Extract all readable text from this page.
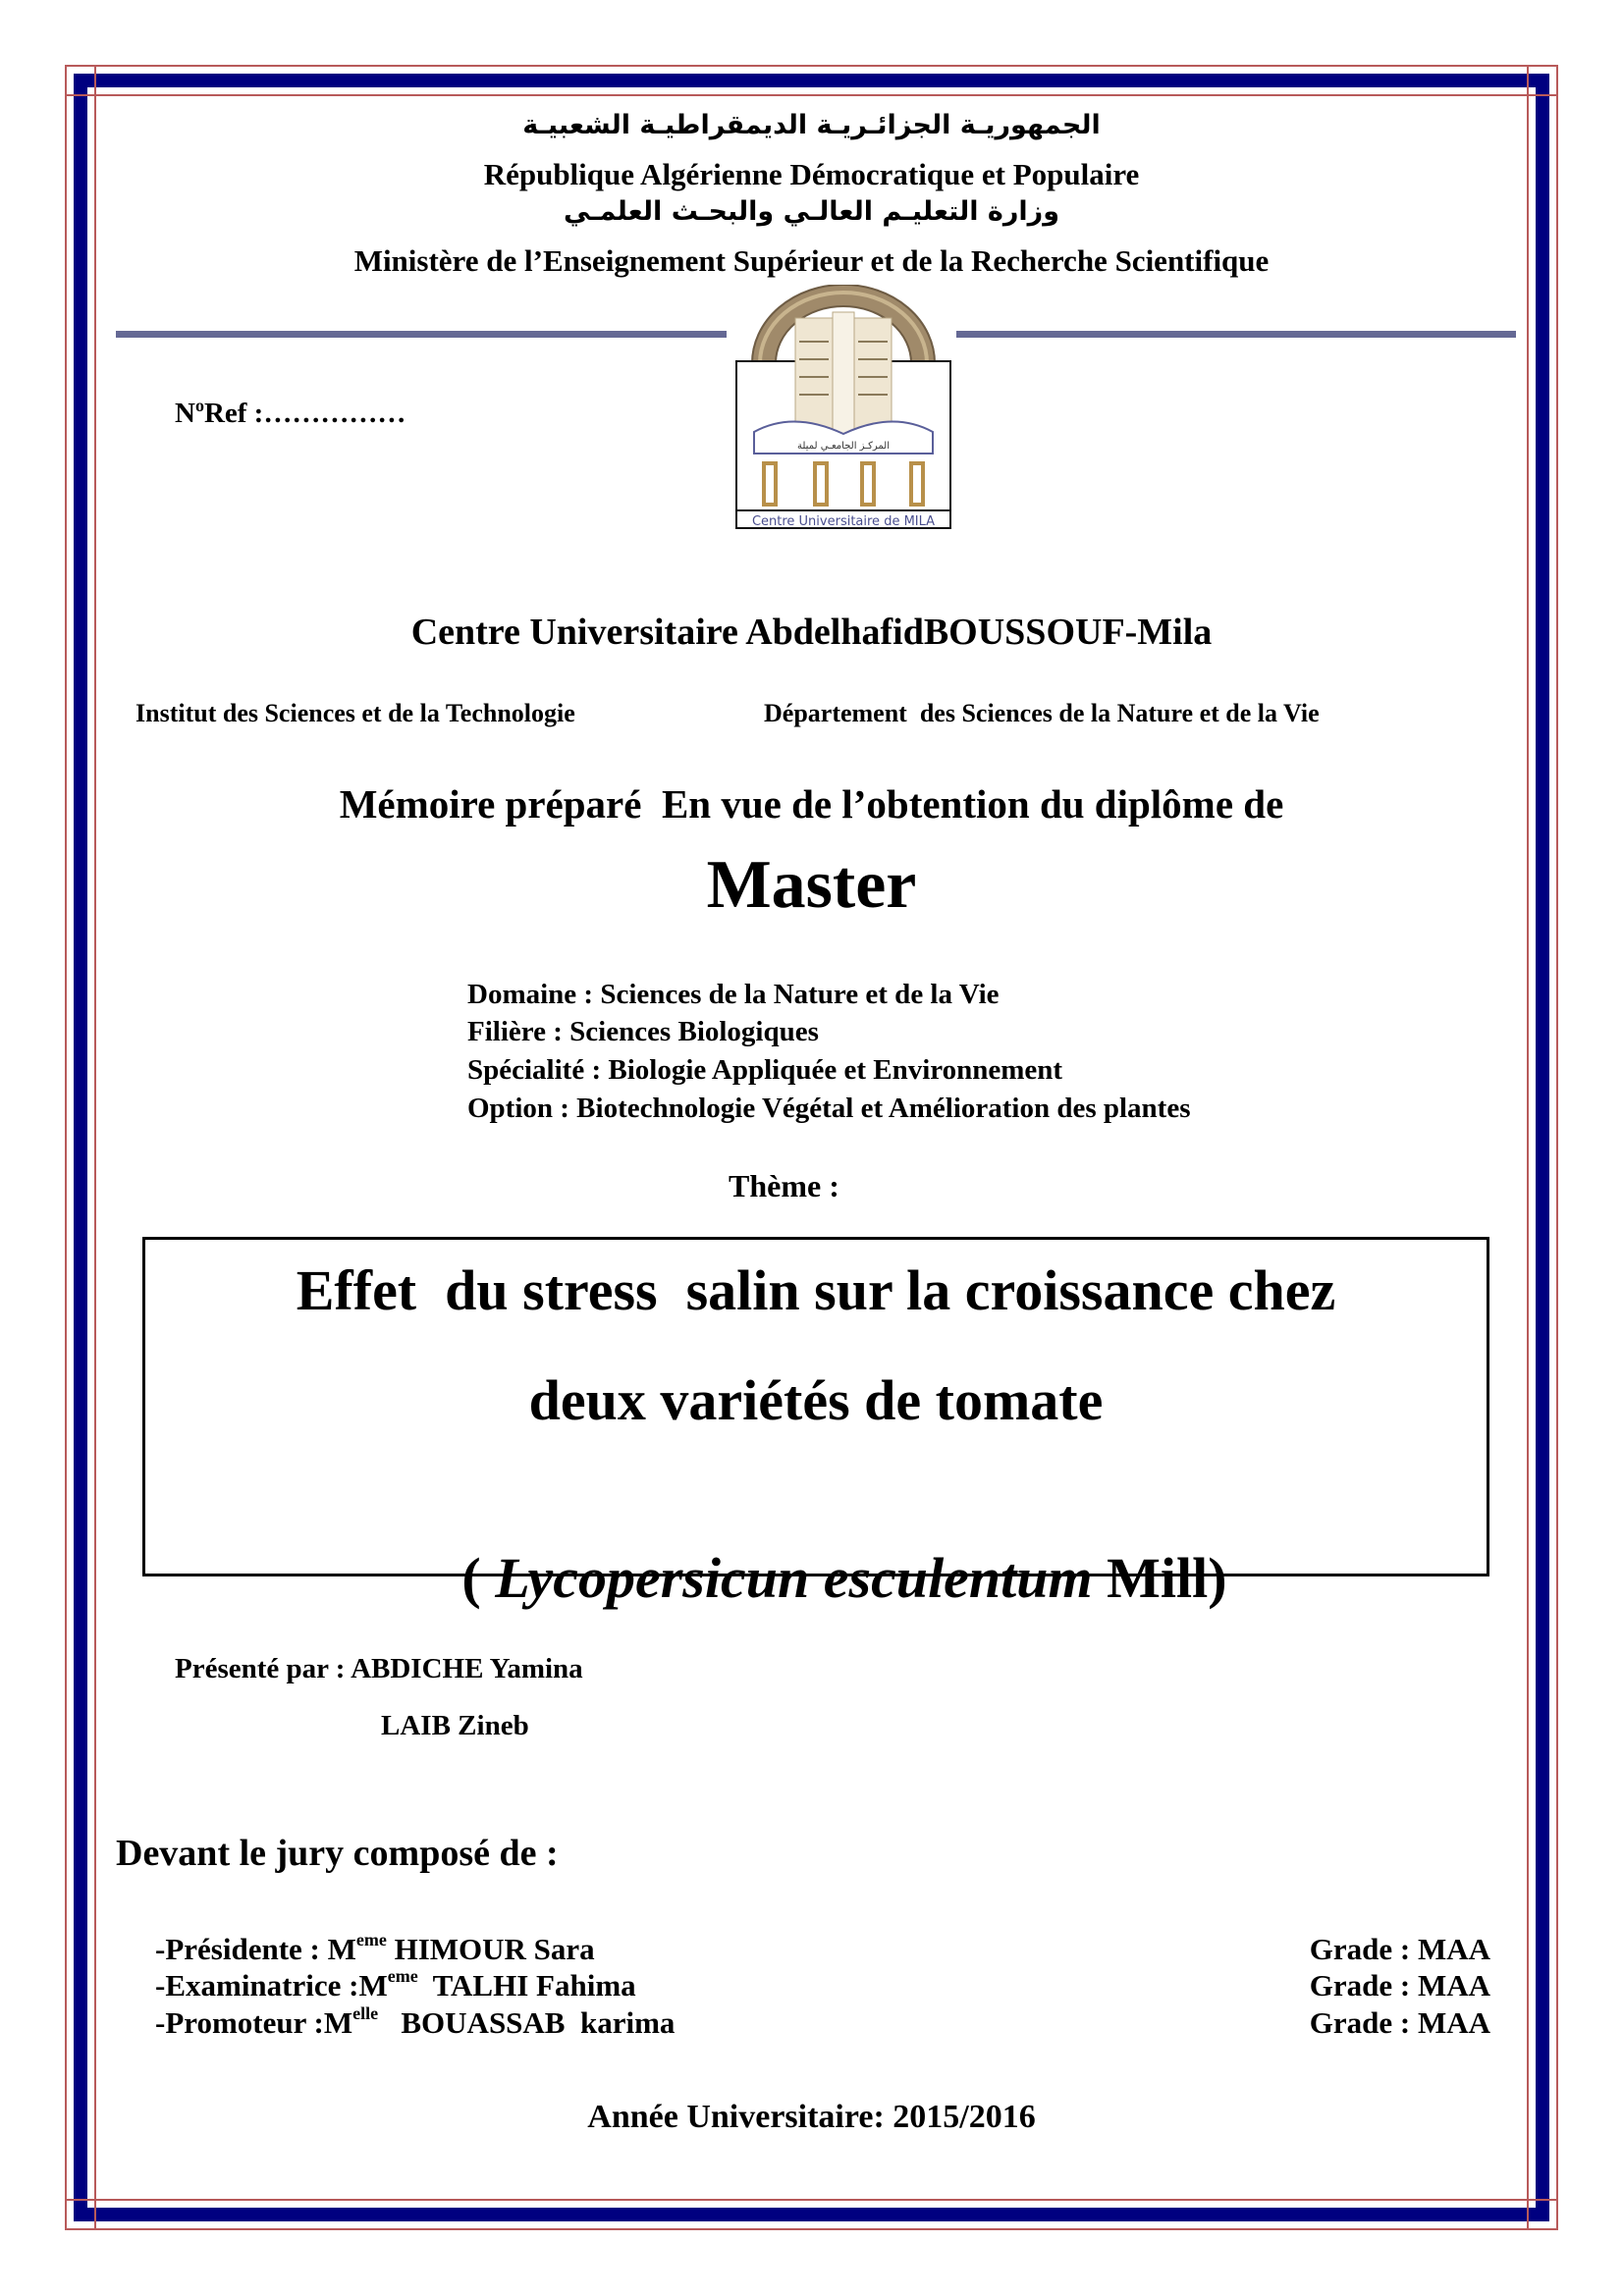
الجمهوريـة الجزائـريـة الديمقراطيـة الشعبيـة
République Algérienne Démocratique et Populaire
وزارة التعليـم العالـي والبحـث العلمـي
Ministère de l’Enseignement Supérieur et de la Recherche Scientifique
$N^oRef$ :……………
المركـز الجامعـي لميلة
Centre Universitaire de MILA
Centre Universitaire AbdelhafidBOUSSOUF-Mila
Institut des Sciences et de la Technologie	Département  des Sciences de la Nature et de la Vie
Mémoire préparé  En vue de l’obtention du diplôme de
Master
Domaine : Sciences de la Nature et de la Vie
Filière : Sciences Biologiques
Spécialité : Biologie Appliquée et Environnement
Option : Biotechnologie Végétal et Amélioration des plantes
Thème :
Effet  du stress  salin sur la croissance chez
deux variétés de tomate

( Lycopersicun esculentum Mill)

Présenté par : ABDICHE Yamina
LAIB Zineb
Devant le jury composé de :
-Présidente : Meme HIMOUR Sara	Grade : MAA
-Examinatrice :Meme  TALHI Fahima	Grade : MAA
-Promoteur $:M^{elle}$   BOUASSAB  karima	Grade : MAA
Année Universitaire: 2015/2016
